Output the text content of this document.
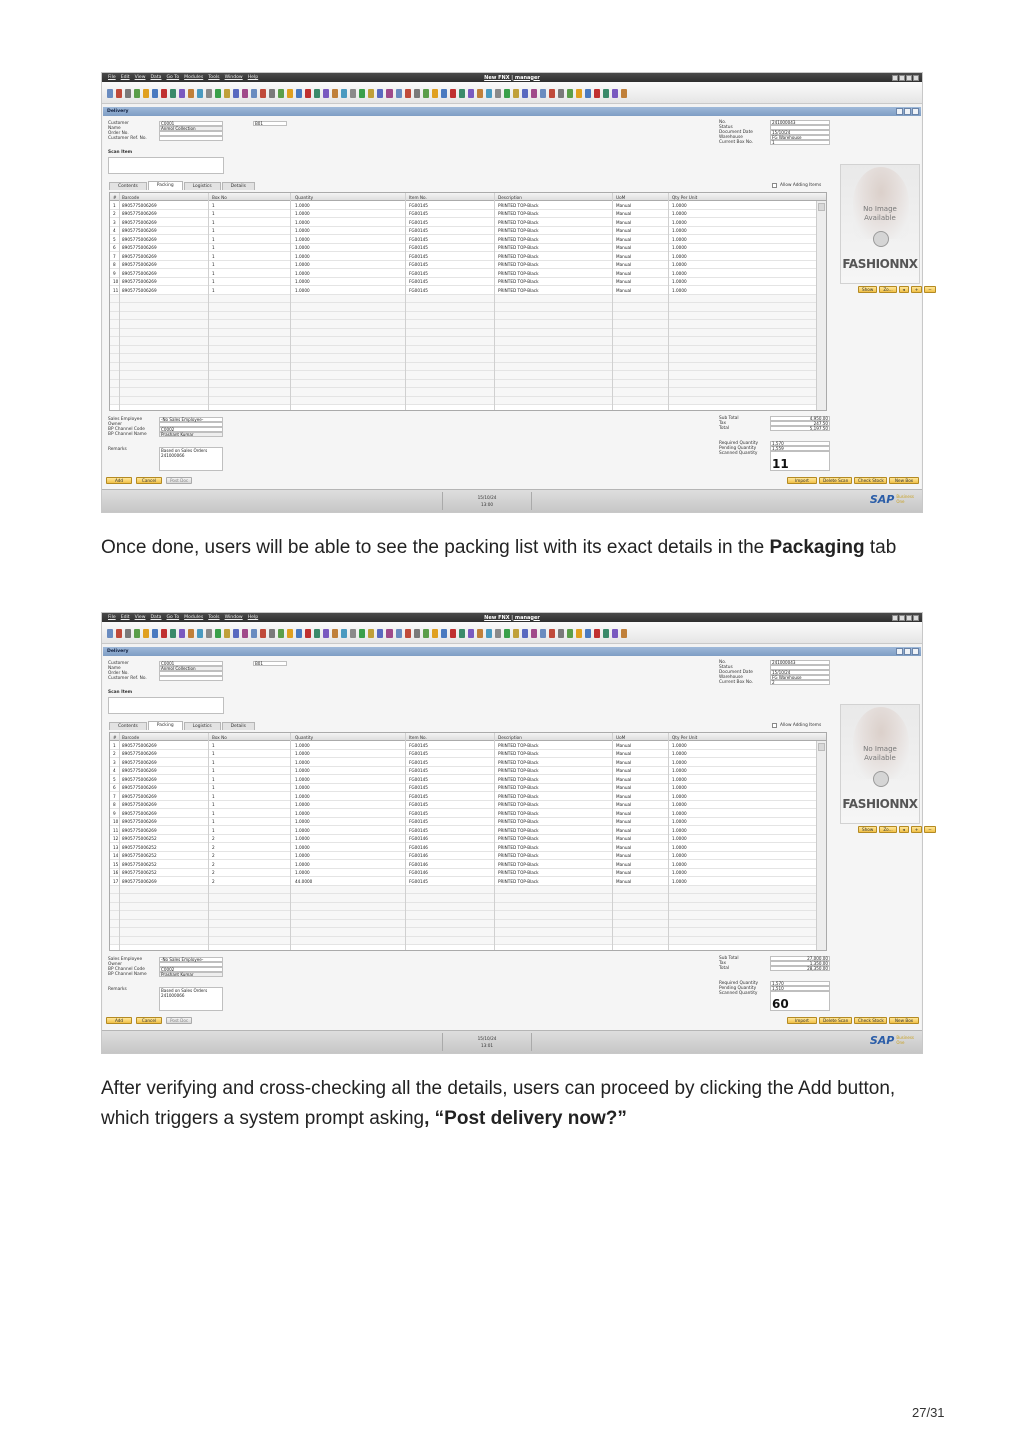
File Edit View Data Go To Modules Tools Window Help	New FNX | manager
Delivery
Customer	C0001
Name	Anmol Collection
Order No.
Customer Ref. No.
B01
Scan Item
No.	241000043
Status
Document Date	15/10/24
Warehouse	FG Warehouse
Current Box No.	1
Contents	Packing	Logistics	Details	Allow Adding Items
# Barcode	Box No	Quantity	Item No.	Description	UoM	Qty Per Unit
1 8905775006269	1	1.0000	FG00145	PRINTED TOP-Black	Manual	1.0000
2 8905775006269	1	1.0000	FG00145	PRINTED TOP-Black	Manual	1.0000
3 8905775006269	1	1.0000	FG00145	PRINTED TOP-Black	Manual	1.0000
4 8905775006269	1	1.0000	FG00145	PRINTED TOP-Black	Manual	1.0000
5 8905775006269	1	1.0000	FG00145	PRINTED TOP-Black	Manual	1.0000
6 8905775006269	1	1.0000	FG00145	PRINTED TOP-Black	Manual	1.0000
7 8905775006269	1	1.0000	FG00145	PRINTED TOP-Black	Manual	1.0000
8 8905775006269	1	1.0000	FG00145	PRINTED TOP-Black	Manual	1.0000
9 8905775006269	1	1.0000	FG00145	PRINTED TOP-Black	Manual	1.0000
10 8905775006269	1	1.0000	FG00145	PRINTED TOP-Black	Manual	1.0000
11 8905775006269	1	1.0000	FG00145	PRINTED TOP-Black	Manual	1.0000
No Image
Available
FASHIONNX
Show	Zo...	◂	+	−
Sales Employee	-No Sales Employee-
Owner
BP Channel Code	C0002
BP Channel Name	Prashant Kumar
Remarks	Based on Sales Orders
241000066
Sub Total	4,950.00
Tax	247.50
Total	5,197.50
Required Quantity	1,570
Pending Quantity	1,559
Scanned Quantity
11
Add	Cancel	Post Doc	Import	Delete Scan	Check Stock	New Box
15/10/24
13:00	SAP Business
One

Once done, users will be able to see the packing list with its exact details in the Packaging tab

File Edit View Data Go To Modules Tools Window Help	New FNX | manager
Delivery
Customer	C0001
Name	Anmol Collection
Order No.
Customer Ref. No.
B01
Scan Item
No.	241000043
Status
Document Date	15/10/24
Warehouse	FG Warehouse
Current Box No.	2
Contents	Packing	Logistics	Details	Allow Adding Items
# Barcode	Box No	Quantity	Item No.	Description	UoM	Qty Per Unit
1 8905775006269	1	1.0000	FG00145	PRINTED TOP-Black	Manual	1.0000
2 8905775006269	1	1.0000	FG00145	PRINTED TOP-Black	Manual	1.0000
3 8905775006269	1	1.0000	FG00145	PRINTED TOP-Black	Manual	1.0000
4 8905775006269	1	1.0000	FG00145	PRINTED TOP-Black	Manual	1.0000
5 8905775006269	1	1.0000	FG00145	PRINTED TOP-Black	Manual	1.0000
6 8905775006269	1	1.0000	FG00145	PRINTED TOP-Black	Manual	1.0000
7 8905775006269	1	1.0000	FG00145	PRINTED TOP-Black	Manual	1.0000
8 8905775006269	1	1.0000	FG00145	PRINTED TOP-Black	Manual	1.0000
9 8905775006269	1	1.0000	FG00145	PRINTED TOP-Black	Manual	1.0000
10 8905775006269	1	1.0000	FG00145	PRINTED TOP-Black	Manual	1.0000
11 8905775006269	1	1.0000	FG00145	PRINTED TOP-Black	Manual	1.0000
12 8905775006252	2	1.0000	FG00146	PRINTED TOP-Black	Manual	1.0000
13 8905775006252	2	1.0000	FG00146	PRINTED TOP-Black	Manual	1.0000
14 8905775006252	2	1.0000	FG00146	PRINTED TOP-Black	Manual	1.0000
15 8905775006252	2	1.0000	FG00146	PRINTED TOP-Black	Manual	1.0000
16 8905775006252	2	1.0000	FG00146	PRINTED TOP-Black	Manual	1.0000
17 8905775006269	2	44.0000	FG00145	PRINTED TOP-Black	Manual	1.0000
No Image
Available
FASHIONNX
Show	Zo...	◂	+	−
Sales Employee	-No Sales Employee-
Owner
BP Channel Code	C0002
BP Channel Name	Prashant Kumar
Remarks	Based on Sales Orders
241000066
Sub Total	27,000.00
Tax	1,350.00
Total	28,350.00
Required Quantity	1,570
Pending Quantity	1,510
Scanned Quantity
60
Add	Cancel	Post Doc	Import	Delete Scan	Check Stock	New Box
15/10/24
13:01	SAP Business
One

After verifying and cross-checking all the details, users can proceed by clicking the Add button, which triggers a system prompt asking, “Post delivery now?”

27/31
